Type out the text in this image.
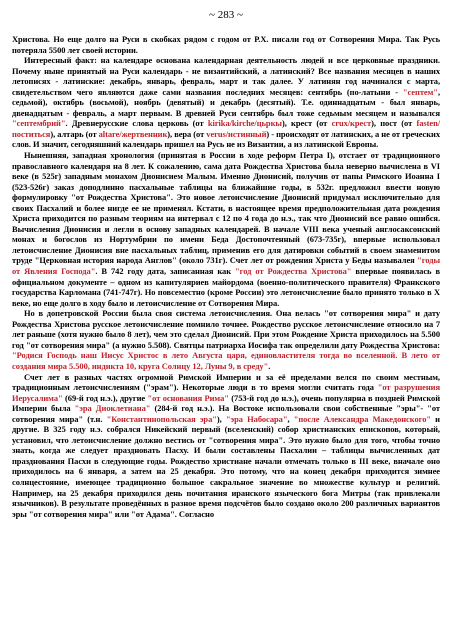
~ 283 ~

Христова. Но еще долго на Руси в скобках рядом с годом от Р.Х. писали год от Сотворения Мира. Так Русь потеряла 5500 лет своей истории.

Интересный факт: на календаре основана календарная деятельность людей и все церковные праздники. Почему ныне принятый на Руси календарь - не византийский, а латинский? Все названия месяцев в наших летописях - латинские: декабрь, январь, февраль, март и так далее. У латинян год начинался с марта, свидетельством чего являются даже сами названия последних месяцев: сентябрь (по-латыни - "септем", седьмой), октябрь (восьмой), ноябрь (девятый) и декабрь (десятый). Т.е. одиннадцатым - был январь, двенадцатым - февраль, а март первым. В древней Руси сентябрь был тоже седьмым месяцем и назывался "септембрий". Древнерусские слова церковь (от kirika/kirche/цьркы), крест (от crux/крест), пост (от fasten/поститься), алтарь (от altare/жертвенник), вера (от verus/истинный) - происходят от латинских, а не от греческих слов. И значит, сегодняшний календарь пришел на Русь не из Византии, а из латинской Европы.

Нынешняя, западная хронология (принятая в России в ходе реформ Петра I), отстает от традиционного православного календаря на 8 лет. К сожалению, сама дата Рождества Христова была неверно вычислена в VI веке (в 525г) западным монахом Дионисием Малым. Именно Дионисий, получив от папы Римского Иоанна I (523-526г) заказ доподлинно пасхальные таблицы на ближайшие годы, в 532г. предложил ввести новую формулировку "от Рождества Христова". Это новое летоисчисление Дионисий придумал исключительно для своих Пасхалий и более нигде ее не применял. Кстати, в настоящее время предположительная дата рождения Христа приходится по разным теориям на интервал с 12 по 4 года до н.э., так что Дионисий все равно ошибся. Вычисления Дионисия и легли в основу западных календарей. В начале VIII века ученый англосаксонский монах и богослов из Нортумбрии по имени Беда Достопочтенный (673-735г), впервые использовал летоисчисление Дионисия вне пасхальных таблиц, применив его для датировки событий в своем знаменитом труде "Церковная история народа Англов" (около 731г). Счет лет от рождения Христа у Беды называлея "годы от Явления Господа". В 742 году дата, записанная как "год от Рождества Христова" впервые появилась в официальном документе – одном из капитуляриев майордома (военно-политического правителя) Франкского государства Карломана (741-747г). Но повсеместно (кроме России) это летоисчисление было принято только в Х веке, но еще долго в ходу было и летоисчисление от Сотворения Мира.

Но в допетровской России была своя система летоисчисления. Она велась "от сотворения мира" и дату Рождества Христова русское летоисчисление помнило точнее. Рождество русское летоисчисление относило на 7 лет раньше (хотя нужно было 8 лет), чем это сделал Дионисий. При этом Рождение Христа приходилось на 5.500 год "от сотворения мира" (а нужно 5.508). Святцы патриарха Иосифа так определили дату Рождества Христова: "Родися Господь наш Иисус Христос в лето Августа царя, единовластителя тогда во вселенной. В лето от создания мира 5.500, индикта 10, круга Солнцу 12, Луны 9, в среду".

Счет лет в разных частях огромной Римской Империи и за её пределами велся по своим местным, традиционным летоисчислениям ("эрам"). Некоторые люди в то время могли считать года "от разрушения Иерусалима" (69-й год н.э.), другие "от основания Рима" (753-й год до н.э.), очень популярна в поздней Римской Империи была "эра Диоклетиана" (284-й год н.э.). На Востоке использовали свои собственные "эры"- "от сотворения мира" (т.н. "Константинопольская эра"), "эра Набосара", "после Александра Македонского" и другие. В 325 году н.э. собрался Никейский первый (вселенский) собор христианских епископов, который, установил, что летоисчисление должно вестись от "сотворения мира". Это нужно было для того, чтобы точно знать, когда же следует праздновать Пасху. И были составлены Пасхалии – таблицы вычисленных дат празднования Пасхи в следующие годы. Рождество христиане начали отмечать только в III веке, вначале оно приходилось на 6 января, а затем на 25 декабря. Это потому, что на конец декабря приходится зимнее солнцестояние, имеющее традиционно большое сакральное значение во множестве культур и религий. Например, на 25 декабря приходился день почитания иранского языческого бога Митры (так привлекали язычников). В результате проведённых в разное время подсчётов было создано около 200 различных вариантов эры "от сотворения мира" или "от Адама". Согласно
